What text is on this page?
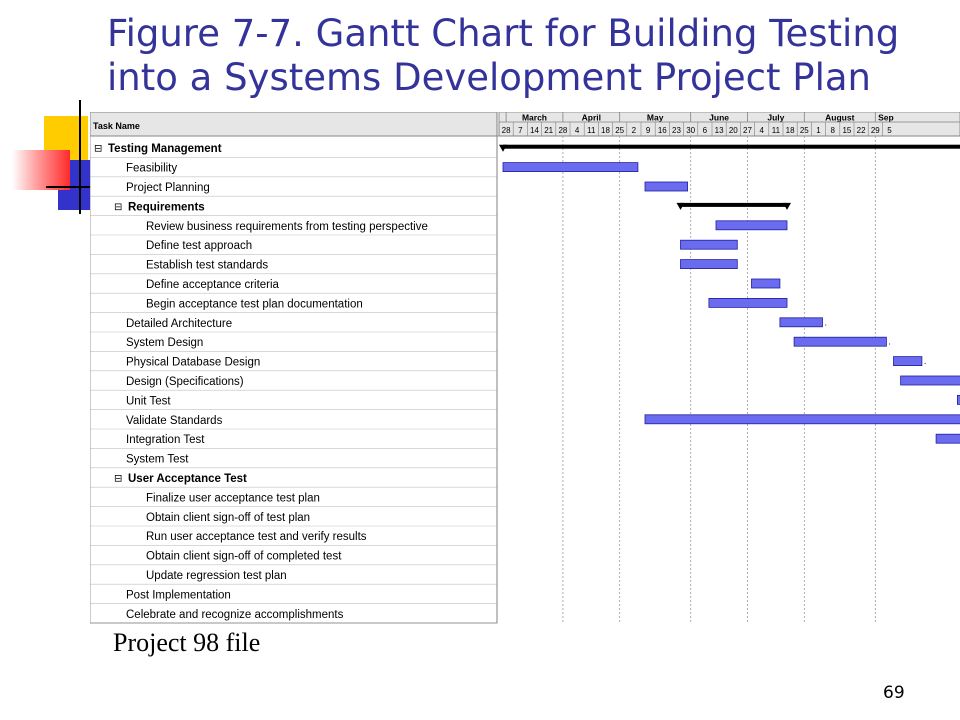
Figure 7-7. Gantt Chart for Building Testing
into a Systems Development Project Plan
Task Name
March	April	May	June	July	August	Sep
28 7 14 21 28 4 11 18 25 2 9 16 23 30 6 13 20 27 4 11 18 25 1 8 15 22 29 5
⊟ Testing Management
Feasibility
Project Planning
⊟ Requirements
Review business requirements from testing perspective
Define test approach
Establish test standards
Define acceptance criteria
Begin acceptance test plan documentation
Detailed Architecture	.
System Design	.
Physical Database Design	.
Design (Specifications)
Unit Test
Validate Standards
Integration Test
System Test
⊟ User Acceptance Test
Finalize user acceptance test plan
Obtain client sign-off of test plan
Run user acceptance test and verify results
Obtain client sign-off of completed test
Update regression test plan
Post Implementation
Celebrate and recognize accomplishments
Project 98 file
69
